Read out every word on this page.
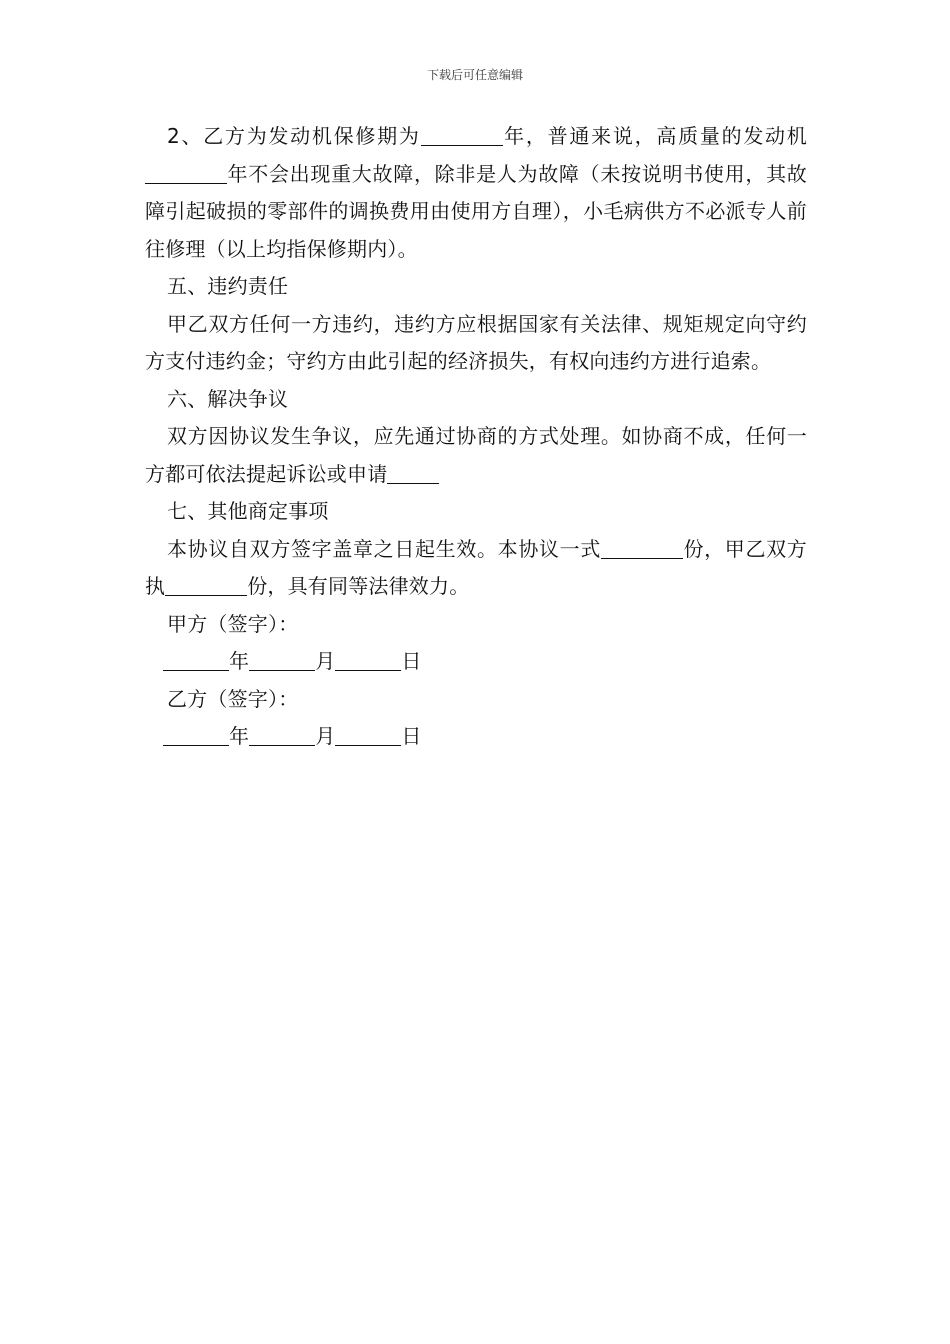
下载后可任意编辑

2、乙方为发动机保修期为	年，普通来说，高质量的发动机年不会出现重大故障，除非是人为故障（未按说明书使用，其故障引起破损的零部件的调换费用由使用方自理），小毛病供方不必派专人前往修理（以上均指保修期内）。

五、违约责任

甲乙双方任何一方违约，违约方应根据国家有关法律、规矩规定向守约方支付违约金；守约方由此引起的经济损失，有权向违约方进行追索。

六、解决争议

双方因协议发生争议，应先通过协商的方式处理。如协商不成，任何一方都可依法提起诉讼或申请

七、其他商定事项

本协议自双方签字盖章之日起生效。本协议一式	份，甲乙双方执	份，具有同等法律效力。

甲方（签字）：

年	月	日

乙方（签字）：

年	月	日
